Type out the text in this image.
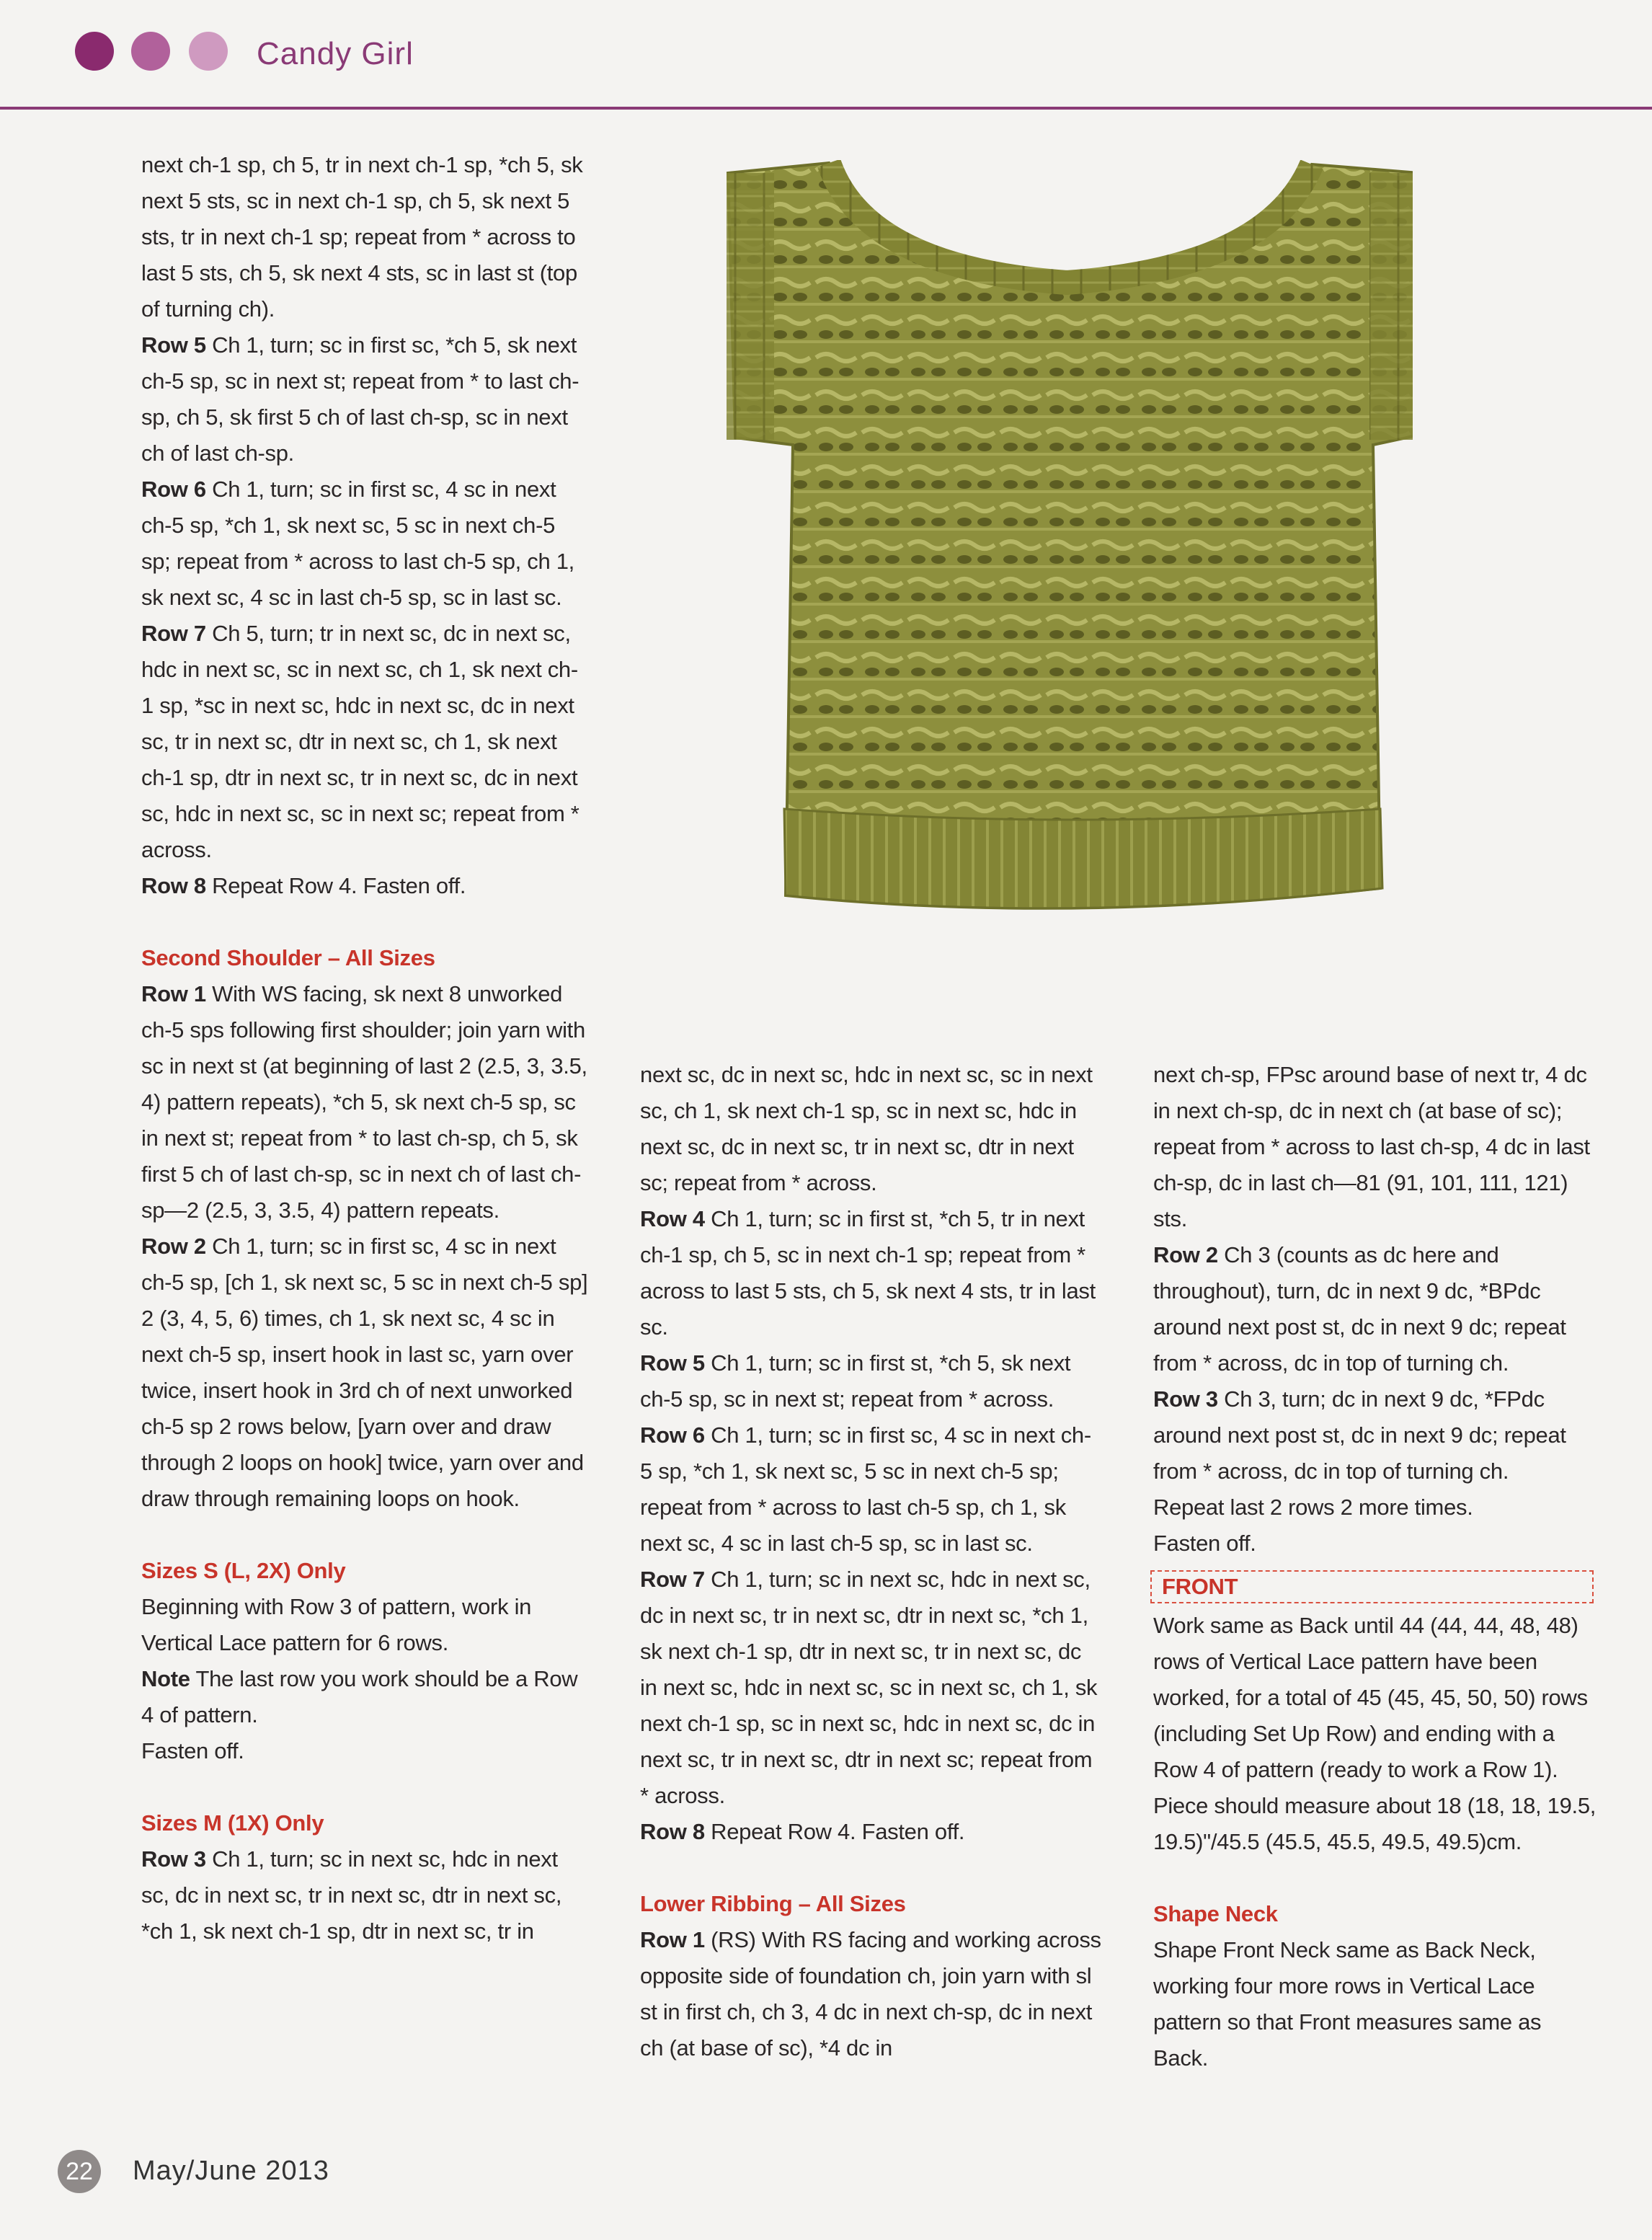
Candy Girl

next ch-1 sp, ch 5, tr in next ch-1 sp, *ch 5, sk next 5 sts, sc in next ch-1 sp, ch 5, sk next 5 sts, tr in next ch-1 sp; repeat from * across to last 5 sts, ch 5, sk next 4 sts, sc in last st (top of turning ch).

Row 5 Ch 1, turn; sc in first sc, *ch 5, sk next ch-5 sp, sc in next st; repeat from * to last ch-sp, ch 5, sk first 5 ch of last ch-sp, sc in next ch of last ch-sp.

Row 6 Ch 1, turn; sc in first sc, 4 sc in next ch-5 sp, *ch 1, sk next sc, 5 sc in next ch-5 sp; repeat from * across to last ch-5 sp, ch 1, sk next sc, 4 sc in last ch-5 sp, sc in last sc.

Row 7 Ch 5, turn; tr in next sc, dc in next sc, hdc in next sc, sc in next sc, ch 1, sk next ch-1 sp, *sc in next sc, hdc in next sc, dc in next sc, tr in next sc, dtr in next sc, ch 1, sk next ch-1 sp, dtr in next sc, tr in next sc, dc in next sc, hdc in next sc, sc in next sc; repeat from * across.

Row 8 Repeat Row 4. Fasten off.

Second Shoulder – All Sizes

Row 1 With WS facing, sk next 8 unworked ch-5 sps following first shoulder; join yarn with sc in next st (at beginning of last 2 (2.5, 3, 3.5, 4) pattern repeats), *ch 5, sk next ch-5 sp, sc in next st; repeat from * to last ch-sp, ch 5, sk first 5 ch of last ch-sp, sc in next ch of last ch-sp—2 (2.5, 3, 3.5, 4) pattern repeats.

Row 2 Ch 1, turn; sc in first sc, 4 sc in next ch-5 sp, [ch 1, sk next sc, 5 sc in next ch-5 sp] 2 (3, 4, 5, 6) times, ch 1, sk next sc, 4 sc in next ch-5 sp, insert hook in last sc, yarn over twice, insert hook in 3rd ch of next unworked ch-5 sp 2 rows below, [yarn over and draw through 2 loops on hook] twice, yarn over and draw through remaining loops on hook.

Sizes S (L, 2X) Only

Beginning with Row 3 of pattern, work in Vertical Lace pattern for 6 rows.

Note The last row you work should be a Row 4 of pattern.

Fasten off.

Sizes M (1X) Only

Row 3 Ch 1, turn; sc in next sc, hdc in next sc, dc in next sc, tr in next sc, dtr in next sc, *ch 1, sk next ch-1 sp, dtr in next sc, tr in

next sc, dc in next sc, hdc in next sc, sc in next sc, ch 1, sk next ch-1 sp, sc in next sc, hdc in next sc, dc in next sc, tr in next sc, dtr in next sc; repeat from * across.

Row 4 Ch 1, turn; sc in first st, *ch 5, tr in next ch-1 sp, ch 5, sc in next ch-1 sp; repeat from * across to last 5 sts, ch 5, sk next 4 sts, tr in last sc.

Row 5 Ch 1, turn; sc in first st, *ch 5, sk next ch-5 sp, sc in next st; repeat from * across.

Row 6 Ch 1, turn; sc in first sc, 4 sc in next ch-5 sp, *ch 1, sk next sc, 5 sc in next ch-5 sp; repeat from * across to last ch-5 sp, ch 1, sk next sc, 4 sc in last ch-5 sp, sc in last sc.

Row 7 Ch 1, turn; sc in next sc, hdc in next sc, dc in next sc, tr in next sc, dtr in next sc, *ch 1, sk next ch-1 sp, dtr in next sc, tr in next sc, dc in next sc, hdc in next sc, sc in next sc, ch 1, sk next ch-1 sp, sc in next sc, hdc in next sc, dc in next sc, tr in next sc, dtr in next sc; repeat from * across.

Row 8 Repeat Row 4. Fasten off.

Lower Ribbing – All Sizes

Row 1 (RS) With RS facing and working across opposite side of foundation ch, join yarn with sl st in first ch, ch 3, 4 dc in next ch-sp, dc in next ch (at base of sc), *4 dc in

next ch-sp, FPsc around base of next tr, 4 dc in next ch-sp, dc in next ch (at base of sc); repeat from * across to last ch-sp, 4 dc in last ch-sp, dc in last ch—81 (91, 101, 111, 121) sts.

Row 2 Ch 3 (counts as dc here and throughout), turn, dc in next 9 dc, *BPdc around next post st, dc in next 9 dc; repeat from * across, dc in top of turning ch.

Row 3 Ch 3, turn; dc in next 9 dc, *FPdc around next post st, dc in next 9 dc; repeat from * across, dc in top of turning ch.

Repeat last 2 rows 2 more times.

Fasten off.

FRONT

Work same as Back until 44 (44, 44, 48, 48) rows of Vertical Lace pattern have been worked, for a total of 45 (45, 45, 50, 50) rows (including Set Up Row) and ending with a Row 4 of pattern (ready to work a Row 1). Piece should measure about 18 (18, 18, 19.5, 19.5)"/45.5 (45.5, 45.5, 49.5, 49.5)cm.

Shape Neck

Shape Front Neck same as Back Neck, working four more rows in Vertical Lace pattern so that Front measures same as Back.

22 May/June 2013
